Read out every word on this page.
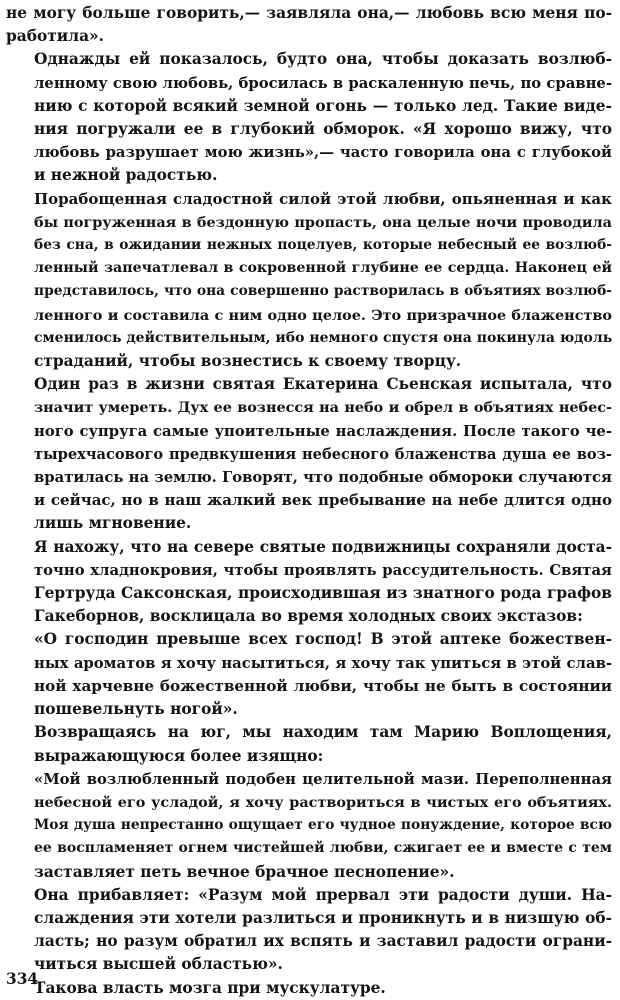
не могу больше говорить,— заявляла она,— любовь всю меня по-
работила».

Однажды ей показалось, будто она, чтобы доказать возлюб-
ленному свою любовь, бросилась в раскаленную печь, по сравне-
нию с которой всякий земной огонь — только лед. Такие виде-
ния погружали ее в глубокий обморок. «Я хорошо вижу, что
любовь разрушает мою жизнь»,— часто говорила она с глубокой
и нежной радостью.

Порабощенная сладостной силой этой любви, опьяненная и как
бы погруженная в бездонную пропасть, она целые ночи проводила
без сна, в ожидании нежных поцелуев, которые небесный ее возлюб-
ленный запечатлевал в сокровенной глубине ее сердца. Наконец ей
представилось, что она совершенно растворилась в объятиях возлюб-
ленного и составила с ним одно целое. Это призрачное блаженство
сменилось действительным, ибо немного спустя она покинула юдоль
страданий, чтобы вознестись к своему творцу.

Один раз в жизни святая Екатерина Сьенская испытала, что
значит умереть. Дух ее вознесся на небо и обрел в объятиях небес-
ного супруга самые упоительные наслаждения. После такого че-
тырехчасового предвкушения небесного блаженства душа ее воз-
вратилась на землю. Говорят, что подобные обмороки случаются
и сейчас, но в наш жалкий век пребывание на небе длится одно
лишь мгновение.

Я нахожу, что на севере святые подвижницы сохраняли доста-
точно хладнокровия, чтобы проявлять рассудительность. Святая
Гертруда Саксонская, происходившая из знатного рода графов
Гакеборнов, восклицала во время холодных своих экстазов:

«О господин превыше всех господ! В этой аптеке божествен-
ных ароматов я хочу насытиться, я хочу так упиться в этой слав-
ной харчевне божественной любви, чтобы не быть в состоянии
пошевельнуть ногой».

Возвращаясь на юг, мы находим там Марию Воплощения,
выражающуюся более изящно:

«Мой возлюбленный подобен целительной мази. Переполненная
небесной его усладой, я хочу раствориться в чистых его объятиях.
Моя душа непрестанно ощущает его чудное понуждение, которое всю
ее воспламеняет огнем чистейшей любви, сжигает ее и вместе с тем
заставляет петь вечное брачное песнопение».

Она прибавляет: «Разум мой прервал эти радости души. На-
слаждения эти хотели разлиться и проникнуть и в низшую об-
ласть; но разум обратил их вспять и заставил радости ограни-
читься высшей областью».

Такова власть мозга при мускулатуре.

334
